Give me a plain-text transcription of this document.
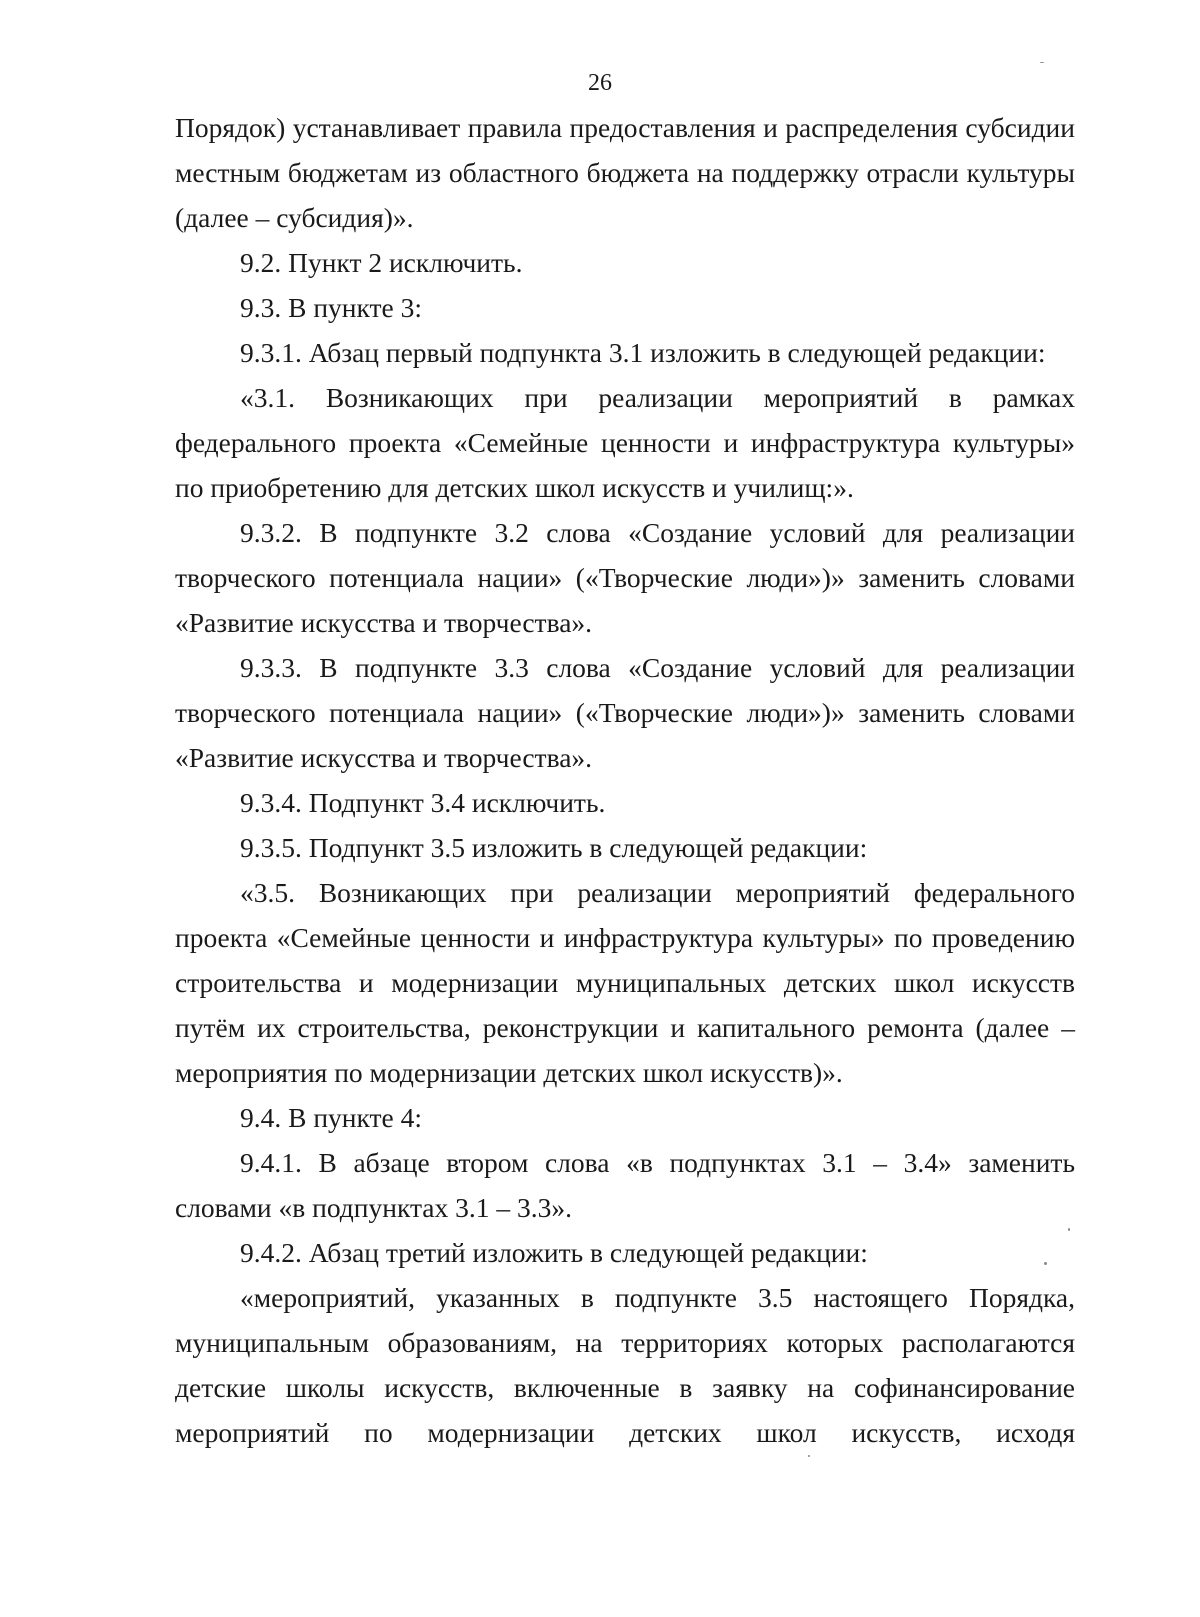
26

Порядок) устанавливает правила предоставления и распределения субсидии местным бюджетам из областного бюджета на поддержку отрасли культуры (далее – субсидия)».

9.2. Пункт 2 исключить.

9.3. В пункте 3:

9.3.1. Абзац первый подпункта 3.1 изложить в следующей редакции:

«3.1. Возникающих при реализации мероприятий в рамках федерального проекта «Семейные ценности и инфраструктура культуры» по приобретению для детских школ искусств и училищ:».

9.3.2. В подпункте 3.2 слова «Создание условий для реализации творческого потенциала нации» («Творческие люди»)» заменить словами «Развитие искусства и творчества».

9.3.3. В подпункте 3.3 слова «Создание условий для реализации творческого потенциала нации» («Творческие люди»)» заменить словами «Развитие искусства и творчества».

9.3.4. Подпункт 3.4 исключить.

9.3.5. Подпункт 3.5 изложить в следующей редакции:

«3.5. Возникающих при реализации мероприятий федерального проекта «Семейные ценности и инфраструктура культуры» по проведению строительства и модернизации муниципальных детских школ искусств путём их строительства, реконструкции и капитального ремонта (далее – мероприятия по модернизации детских школ искусств)».

9.4. В пункте 4:

9.4.1. В абзаце втором слова «в подпунктах 3.1 – 3.4» заменить словами «в подпунктах 3.1 – 3.3».

9.4.2. Абзац третий изложить в следующей редакции:

«мероприятий, указанных в подпункте 3.5 настоящего Порядка, муниципальным образованиям, на территориях которых располагаются детские школы искусств, включенные в заявку на софинансирование мероприятий по модернизации детских школ искусств, исходя
